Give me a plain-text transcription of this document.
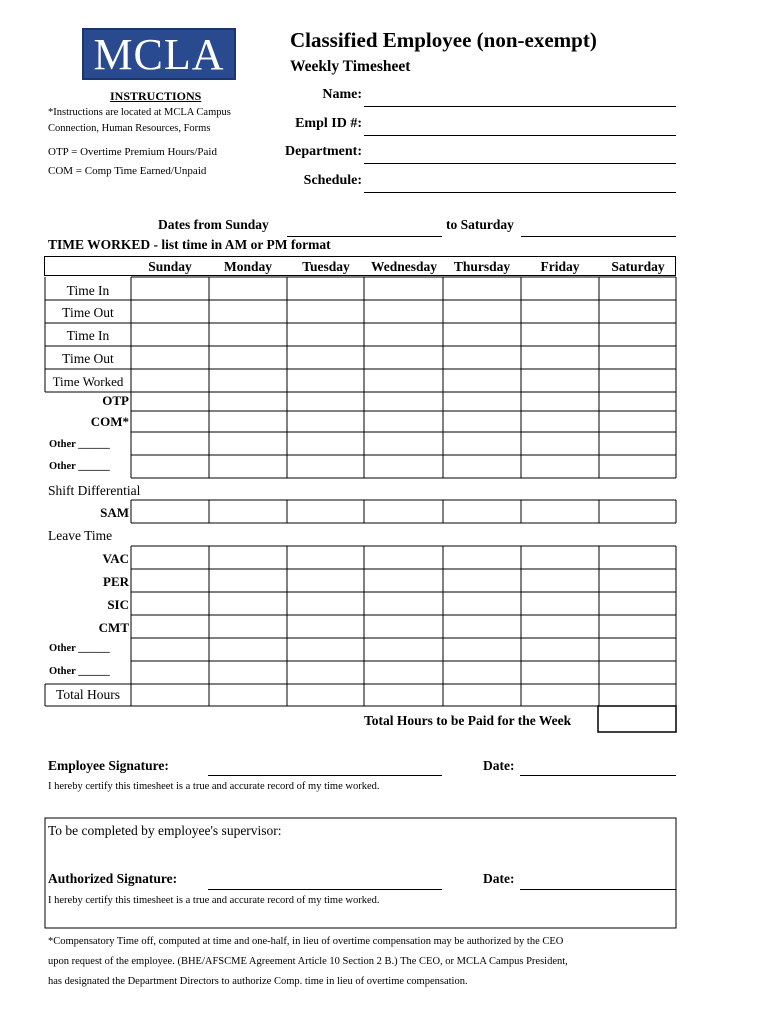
MCLA	Classified Employee (non-exempt)
Weekly Timesheet
INSTRUCTIONS
*Instructions are located at MCLA Campus
Connection, Human Resources, Forms
OTP = Overtime Premium Hours/Paid
COM = Comp Time Earned/Unpaid
Name:
Empl ID #:
Department:
Schedule:
Dates from Sunday	to Saturday
TIME WORKED - list time in AM or PM format
Sunday	Monday	Tuesday	Wednesday	Thursday	Friday	Saturday
Time In
Time Out
Time In
Time Out
Time Worked
OTP
COM*
Other ______
Other ______
Shift Differential
SAM
Leave Time
VAC
PER
SIC
CMT
Other ______
Other ______
Total Hours
Total Hours to be Paid for the Week
Employee Signature:	Date:
I hereby certify this timesheet is a true and accurate record of my time worked.
To be completed by employee's supervisor:
Authorized Signature:	Date:
I hereby certify this timesheet is a true and accurate record of my time worked.
*Compensatory Time off, computed at time and one-half, in lieu of overtime compensation may be authorized by the CEO
upon request of the employee. (BHE/AFSCME Agreement Article 10 Section 2 B.) The CEO, or MCLA Campus President,
has designated the Department Directors to authorize Comp. time in lieu of overtime compensation.
